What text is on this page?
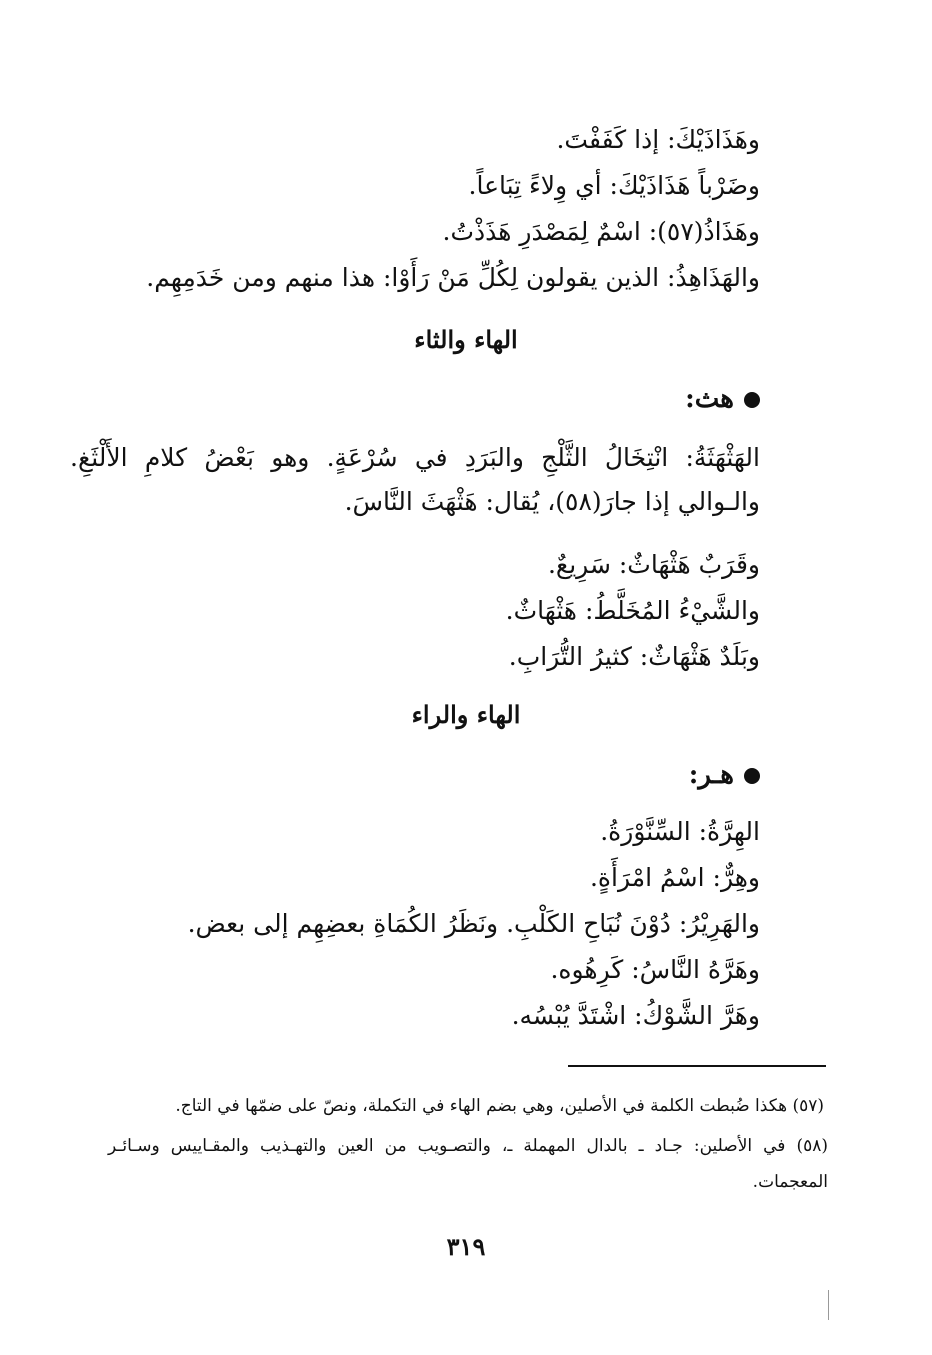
وهَذَاذَيْكَ: إذا كَفَفْتَ.
وضَرْباً هَذَاذَيْكَ: أي وِلاءً تِبَاعاً.
وهَذَاذُ(٥٧): اسْمٌ لِمَصْدَرِ هَذَذْتُ.
والهَذَاهِذُ: الذين يقولون لِكُلِّ مَنْ رَأَوْا: هذا منهم ومن خَدَمِهِم.
الهاء والثاء
هث:
الهَثْهَثَةُ: انْتِخَالُ الثَّلْجِ والبَرَدِ في سُرْعَةٍ. وهو بَعْضُ كلامِ الأَلْثَغِ. والـوالي إذا جارَ(٥٨)، يُقال: هَثْهَثَ النَّاسَ.
وقَرَبٌ هَثْهَاثٌ: سَرِيعٌ.
والشَّيْءُ المُخَلَّطُ: هَثْهَاثٌ.
وبَلَدٌ هَثْهَاثٌ: كثيرُ التُّرَابِ.
الهاء والراء
هـر:
الهِرَّةُ: السِّنَّوْرَةُ.
وهِرٌّ: اسْمُ امْرَأَةٍ.
والهَرِيْرُ: دُوْنَ نُبَاحِ الكَلْبِ. ونَظَرُ الكُمَاةِ بعضِهِم إلى بعض.
وهَرَّهُ النَّاسُ: كَرِهُوه.
وهَرَّ الشَّوْكُ: اشْتَدَّ يُبْسُه.
(٥٧) هكذا ضُبطت الكلمة في الأصلين، وهي بضم الهاء في التكملة، ونصّ على ضمّها في التاج.
(٥٨) في الأصلين: جـاد ـ بالدال المهملة ـ، والتصـويب من العين والتهـذيب والمقـاييس وسـائـر المعجمات.
٣١٩
